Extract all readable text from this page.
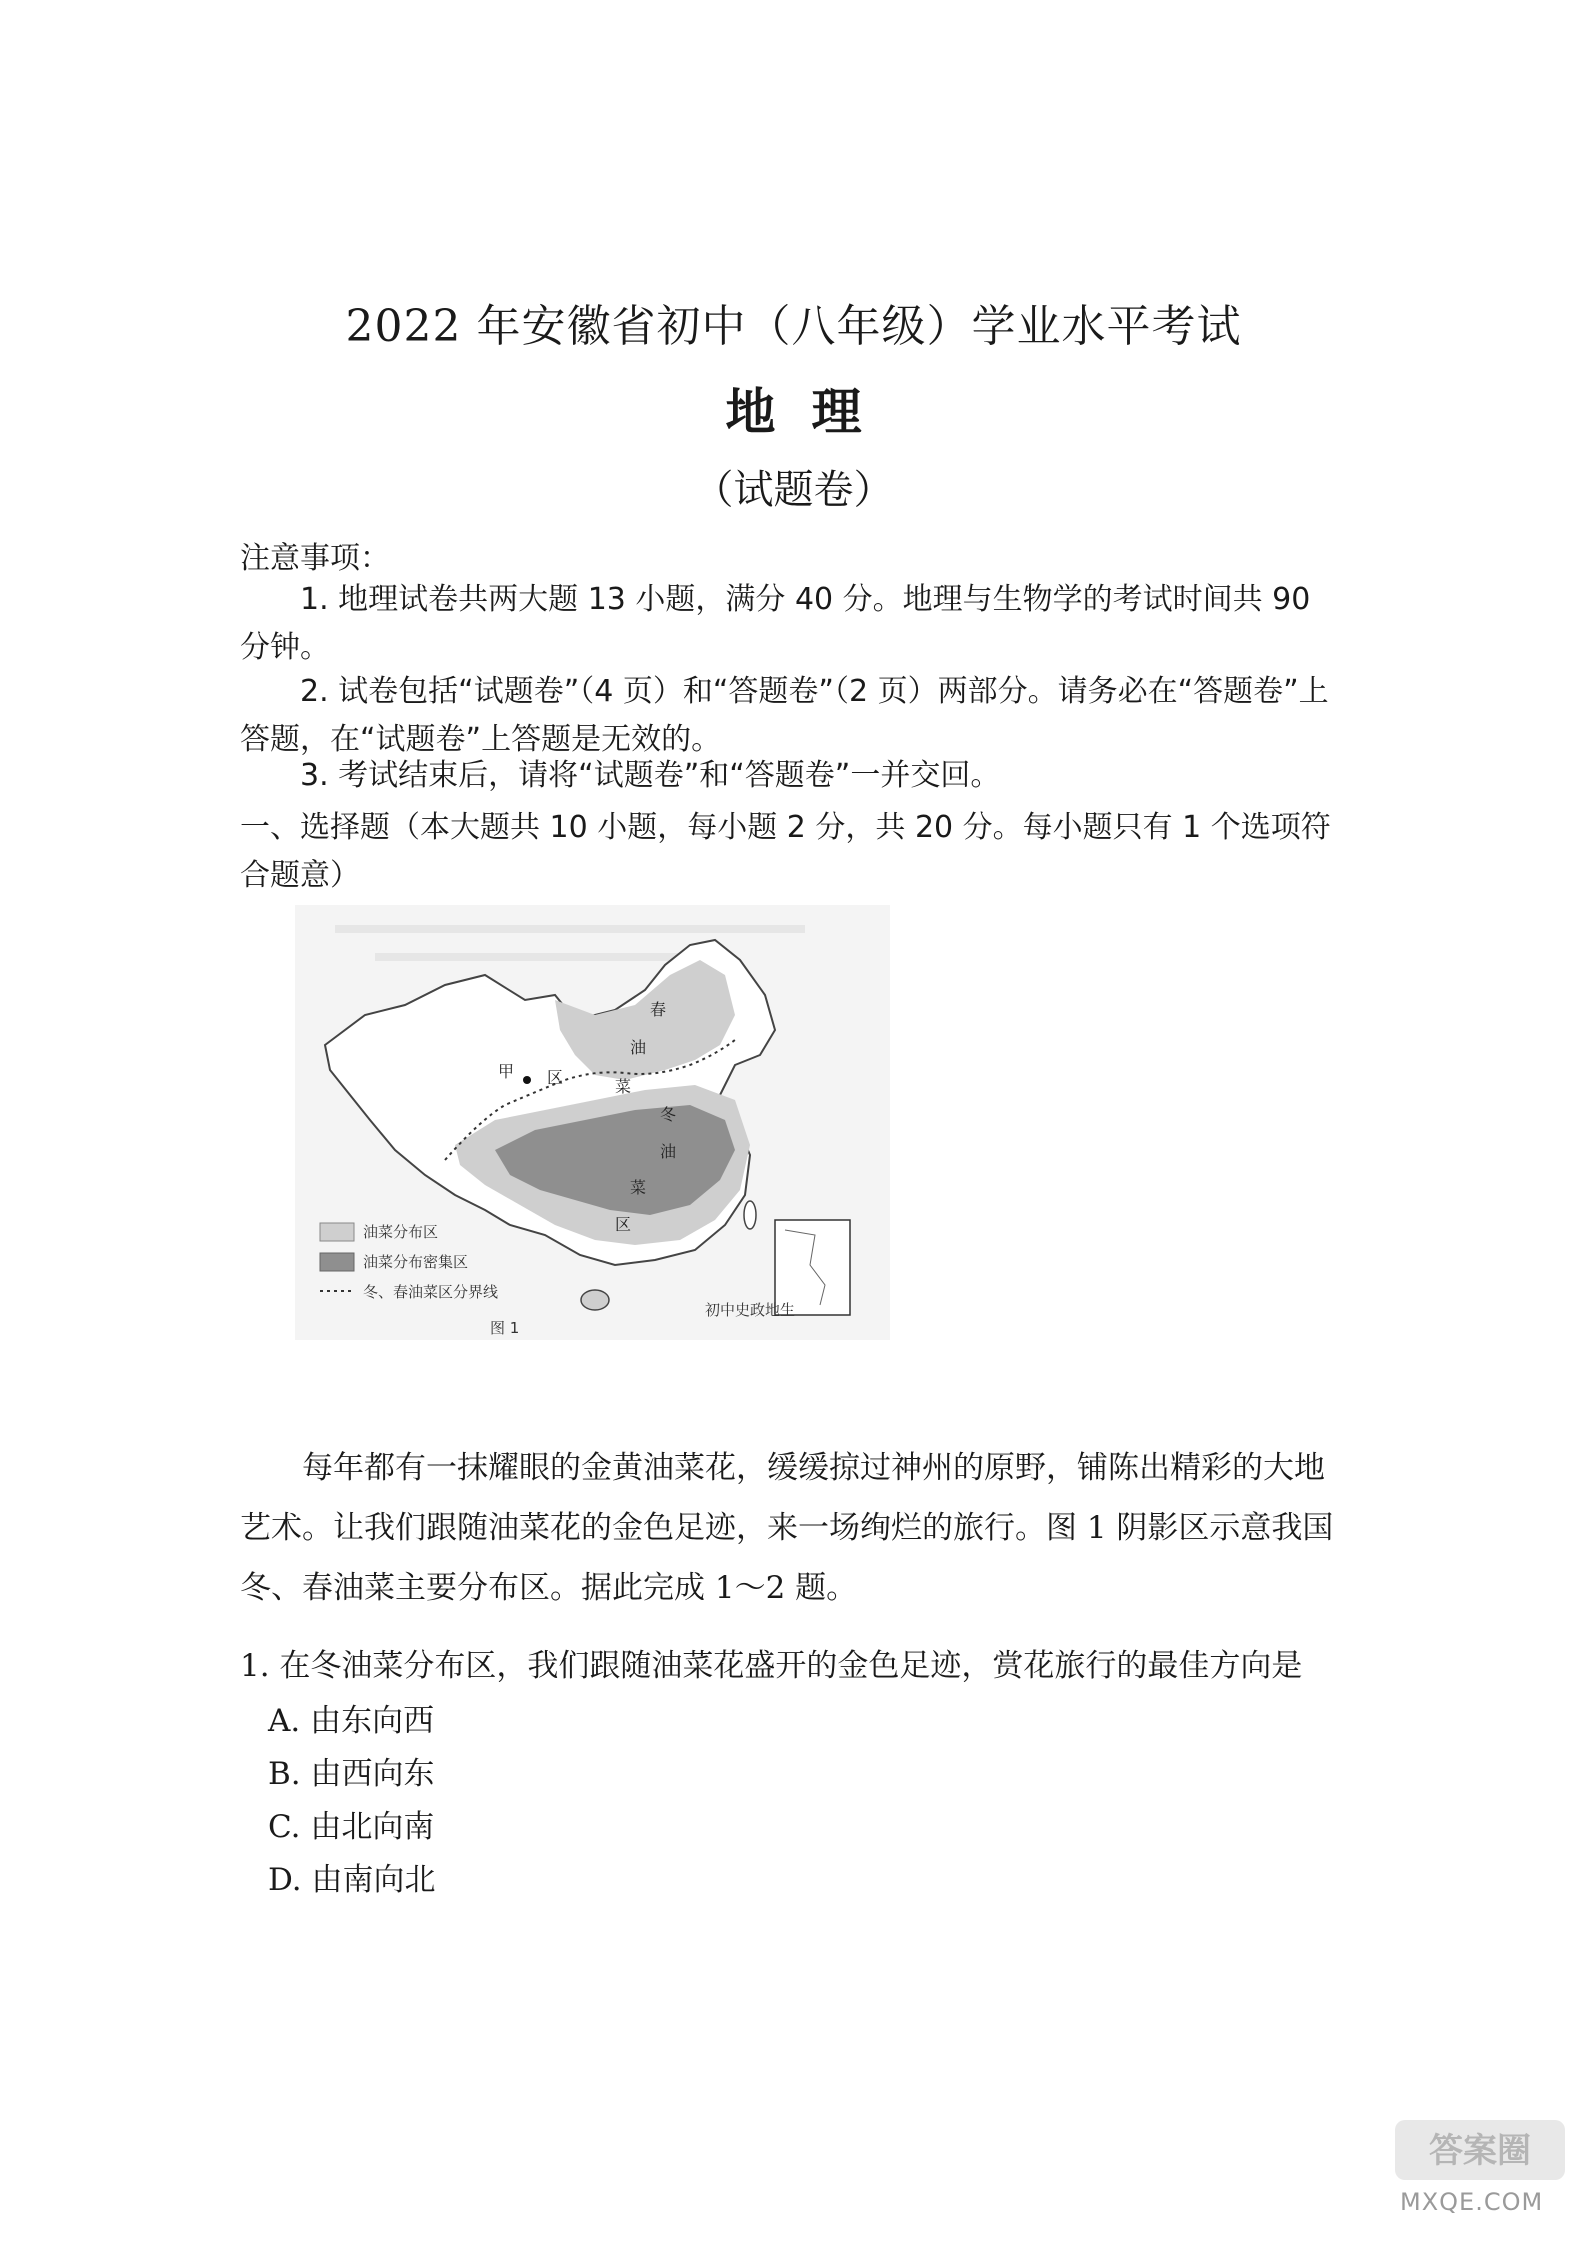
2022 年安徽省初中（八年级）学业水平考试
地理
（试题卷）
注意事项：
1. 地理试卷共两大题 13 小题，满分 40 分。地理与生物学的考试时间共 90 分钟。
2. 试卷包括“试题卷”（4 页）和“答题卷”（2 页）两部分。请务必在“答题卷”上答题，在“试题卷”上答题是无效的。
3. 考试结束后，请将“试题卷”和“答题卷”一并交回。
一、选择题（本大题共 10 小题，每小题 2 分，共 20 分。每小题只有 1 个选项符合题意）
甲
春
油
菜
区
冬
油
菜
区
油菜分布区
油菜分布密集区
冬、春油菜区分界线
图 1
初中史政地生
每年都有一抹耀眼的金黄油菜花，缓缓掠过神州的原野，铺陈出精彩的大地艺术。让我们跟随油菜花的金色足迹，来一场绚烂的旅行。图 1 阴影区示意我国冬、春油菜主要分布区。据此完成 1～2 题。
1. 在冬油菜分布区，我们跟随油菜花盛开的金色足迹，赏花旅行的最佳方向是
A. 由东向西
B. 由西向东
C. 由北向南
D. 由南向北
答案圈
MXQE.COM
